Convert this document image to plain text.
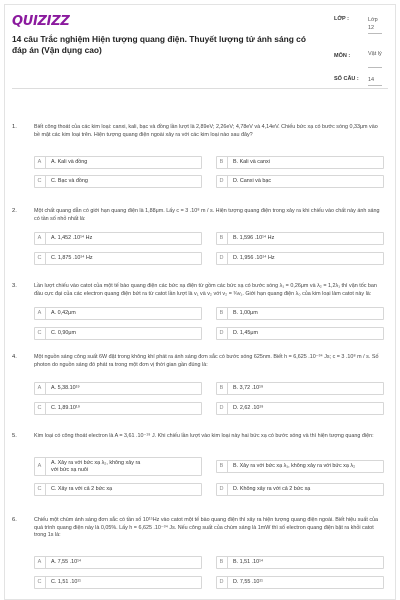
QUIZIZZ
14 câu Trắc nghiệm Hiện tượng quang điện. Thuyết lượng tử ánh sáng có đáp án (Vận dụng cao)
LỚP :	Lớp 12
MÔN :	Vật lý
SỐ CÂU : 14
1.	Biết công thoát của các kim loại: canxi, kali, bạc và đồng lần lượt là 2,89eV; 2,26eV; 4,78eV và 4,14eV. Chiếu bức xạ có bước sóng 0,33μm vào bề mặt các kim loại trên. Hiện tượng quang điện ngoài xảy ra với các kim loại nào sau đây?
A	A. Kali và đồng	B	B. Kali và canxi
C	C. Bạc và đồng	D	D. Canxi và bạc
2.	Một chất quang dẫn có giới hạn quang điện là 1,88μm. Lấy c = 3 .10⁸ m / s. Hiện tượng quang điện trong xảy ra khi chiếu vào chất này ánh sáng có tần số nhỏ nhất là:
A	A. 1,452 .10¹⁴ Hz	B	B. 1,596 .10¹⁴ Hz
C	C. 1,875 .10¹⁴ Hz	D	D. 1,956 .10¹⁴ Hz
3.	Lần lượt chiếu vào catot của một tế bào quang điện các bức xạ điện từ gồm các bức xạ có bước sóng λ₁ = 0,26μm và λ₂ = 1,2λ₁ thì vận tốc ban đầu cực đại của các electron quang điện bứt ra từ catot lần lượt là v₁ và v₂ với v₂ = ¾v₁. Giới hạn quang điện λ₀ của kim loại làm catot này là:
A	A. 0,42μm	B	B. 1,00μm
C	C. 0,90μm	D	D. 1,45μm
4.	Một nguồn sáng công suất 6W đặt trong không khí phát ra ánh sáng đơn sắc có bước sóng 625nm. Biết h = 6,625 .10⁻³⁴ Js; c = 3 .10⁸ m / s. Số photon do nguồn sáng đó phát ra trong một đơn vị thời gian gần đúng là:
A	A. 5,38.10¹⁹	B	B. 3,72 .10¹⁹
C	C. 1,89.10¹⁹	D	D. 2,62 .10¹⁹
5.	Kim loại có công thoát electron là A = 3,61 .10⁻¹⁹ J. Khi chiếu lần lượt vào kim loại này hai bức xạ có bước sóng và thì hiện tượng quang điện:
A	A. Xảy ra với bức xạ λ₂, không xảy ra với bức xạ nuôi
B	B. Xảy ra với bức xạ λ₁, không xảy ra với bức xạ λ₂
C	C. Xảy ra với cả 2 bức xạ	D	D. Không xảy ra với cả 2 bức xạ
6.	Chiếu một chùm ánh sáng đơn sắc có tần số 10¹⁵Hz vào catot một tế bào quang điện thì xảy ra hiện tượng quang điện ngoài. Biết hiệu suất của quá trình quang điện này là 0,05%. Lấy h = 6,625 .10⁻³⁴ Js. Nếu công suất của chùm sáng là 1mW thì số electron quang điện bật ra khỏi catot trong 1s là:
A	A. 7,55 .10¹⁴	B	B. 1,51 .10¹⁴
C	C. 1,51 .10¹¹	D	D. 7,55 .10¹¹
